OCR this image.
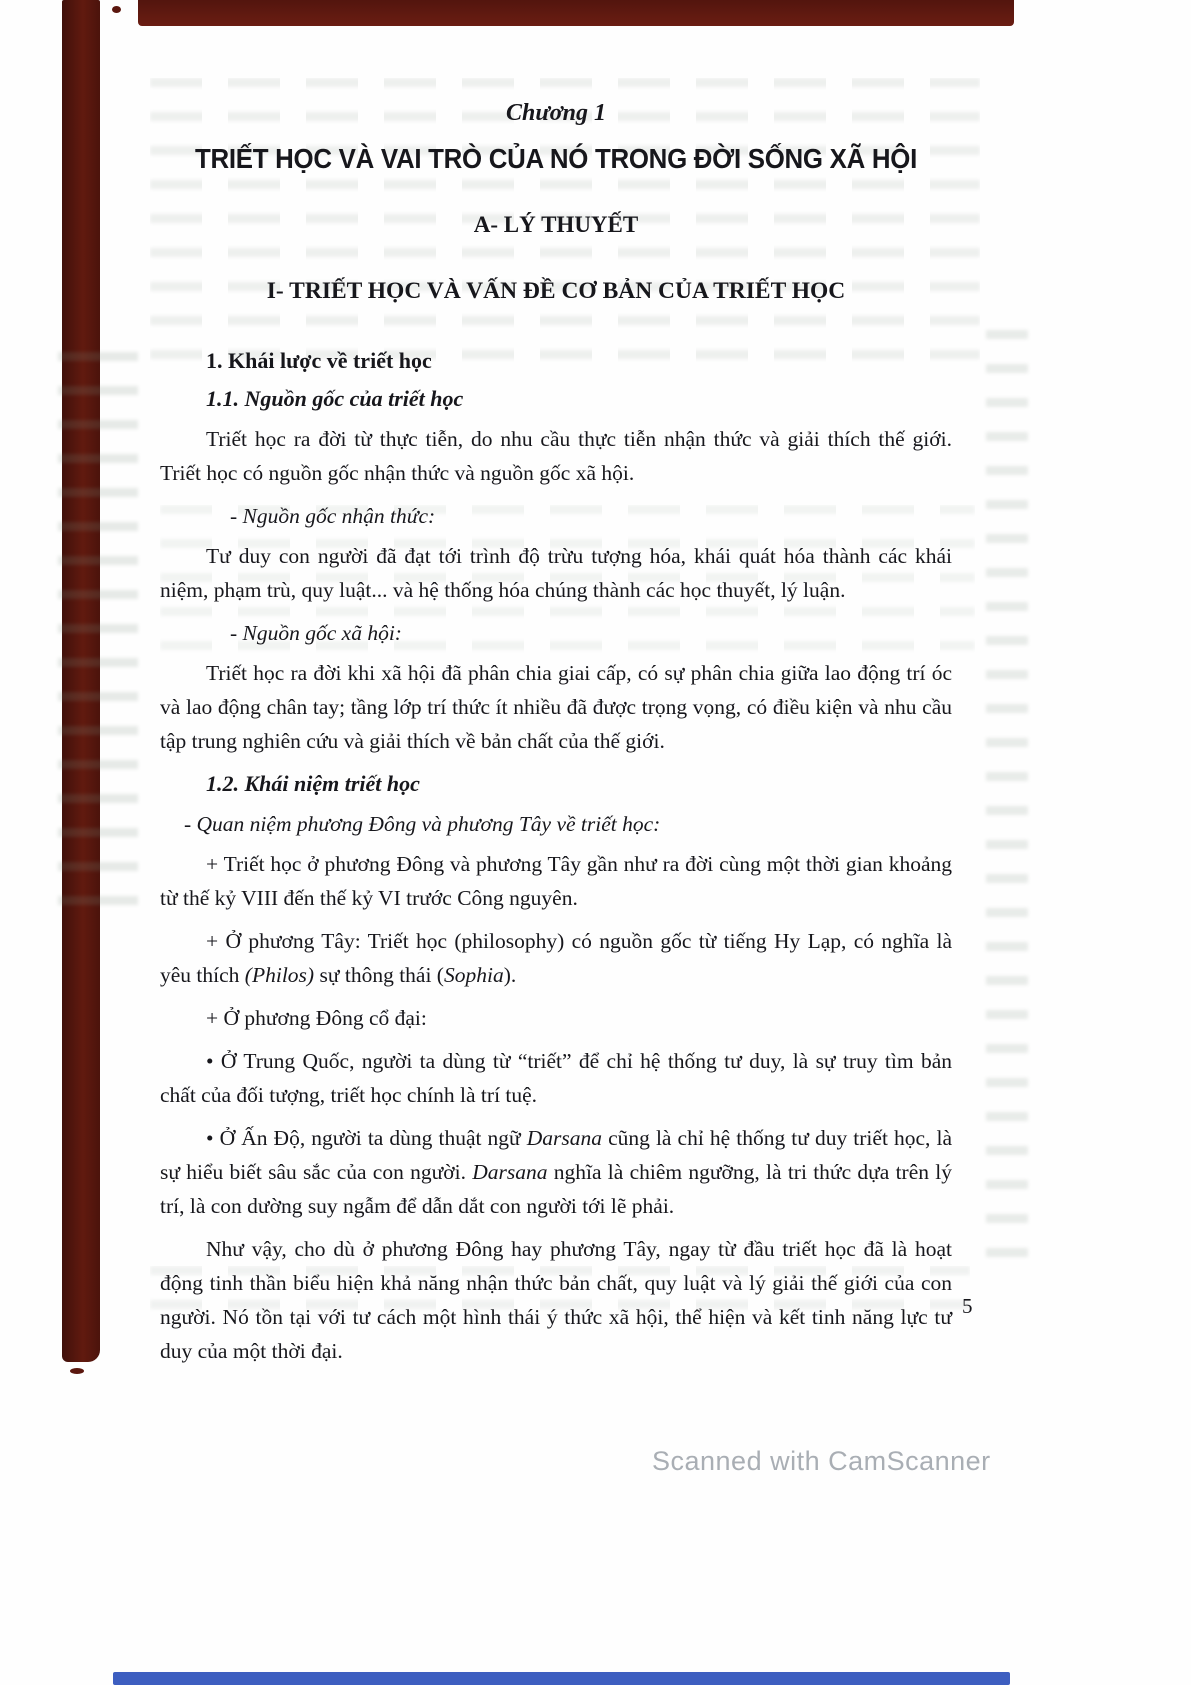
Chương 1
TRIẾT HỌC VÀ VAI TRÒ CỦA NÓ TRONG ĐỜI SỐNG XÃ HỘI
A- LÝ THUYẾT
I- TRIẾT HỌC VÀ VẤN ĐỀ CƠ BẢN CỦA TRIẾT HỌC
1. Khái lược về triết học
1.1. Nguồn gốc của triết học

Triết học ra đời từ thực tiễn, do nhu cầu thực tiễn nhận thức và giải thích thế giới. Triết học có nguồn gốc nhận thức và nguồn gốc xã hội.

- Nguồn gốc nhận thức:

Tư duy con người đã đạt tới trình độ trừu tượng hóa, khái quát hóa thành các khái niệm, phạm trù, quy luật... và hệ thống hóa chúng thành các học thuyết, lý luận.

- Nguồn gốc xã hội:

Triết học ra đời khi xã hội đã phân chia giai cấp, có sự phân chia giữa lao động trí óc và lao động chân tay; tầng lớp trí thức ít nhiều đã được trọng vọng, có điều kiện và nhu cầu tập trung nghiên cứu và giải thích về bản chất của thế giới.

1.2. Khái niệm triết học

- Quan niệm phương Đông và phương Tây về triết học:

+ Triết học ở phương Đông và phương Tây gần như ra đời cùng một thời gian khoảng từ thế kỷ VIII đến thế kỷ VI trước Công nguyên.

+ Ở phương Tây: Triết học (philosophy) có nguồn gốc từ tiếng Hy Lạp, có nghĩa là yêu thích (Philos) sự thông thái (Sophia).

+ Ở phương Đông cổ đại:

• Ở Trung Quốc, người ta dùng từ “triết” để chỉ hệ thống tư duy, là sự truy tìm bản chất của đối tượng, triết học chính là trí tuệ.

• Ở Ấn Độ, người ta dùng thuật ngữ Darsana cũng là chỉ hệ thống tư duy triết học, là sự hiểu biết sâu sắc của con người. Darsana nghĩa là chiêm ngưỡng, là tri thức dựa trên lý trí, là con dường suy ngẫm để dẫn dắt con người tới lẽ phải.

Như vậy, cho dù ở phương Đông hay phương Tây, ngay từ đầu triết học đã là hoạt động tinh thần biểu hiện khả năng nhận thức bản chất, quy luật và lý giải thế giới của con người. Nó tồn tại với tư cách một hình thái ý thức xã hội, thể hiện và kết tinh năng lực tư duy của một thời đại.

5
Scanned with CamScanner
